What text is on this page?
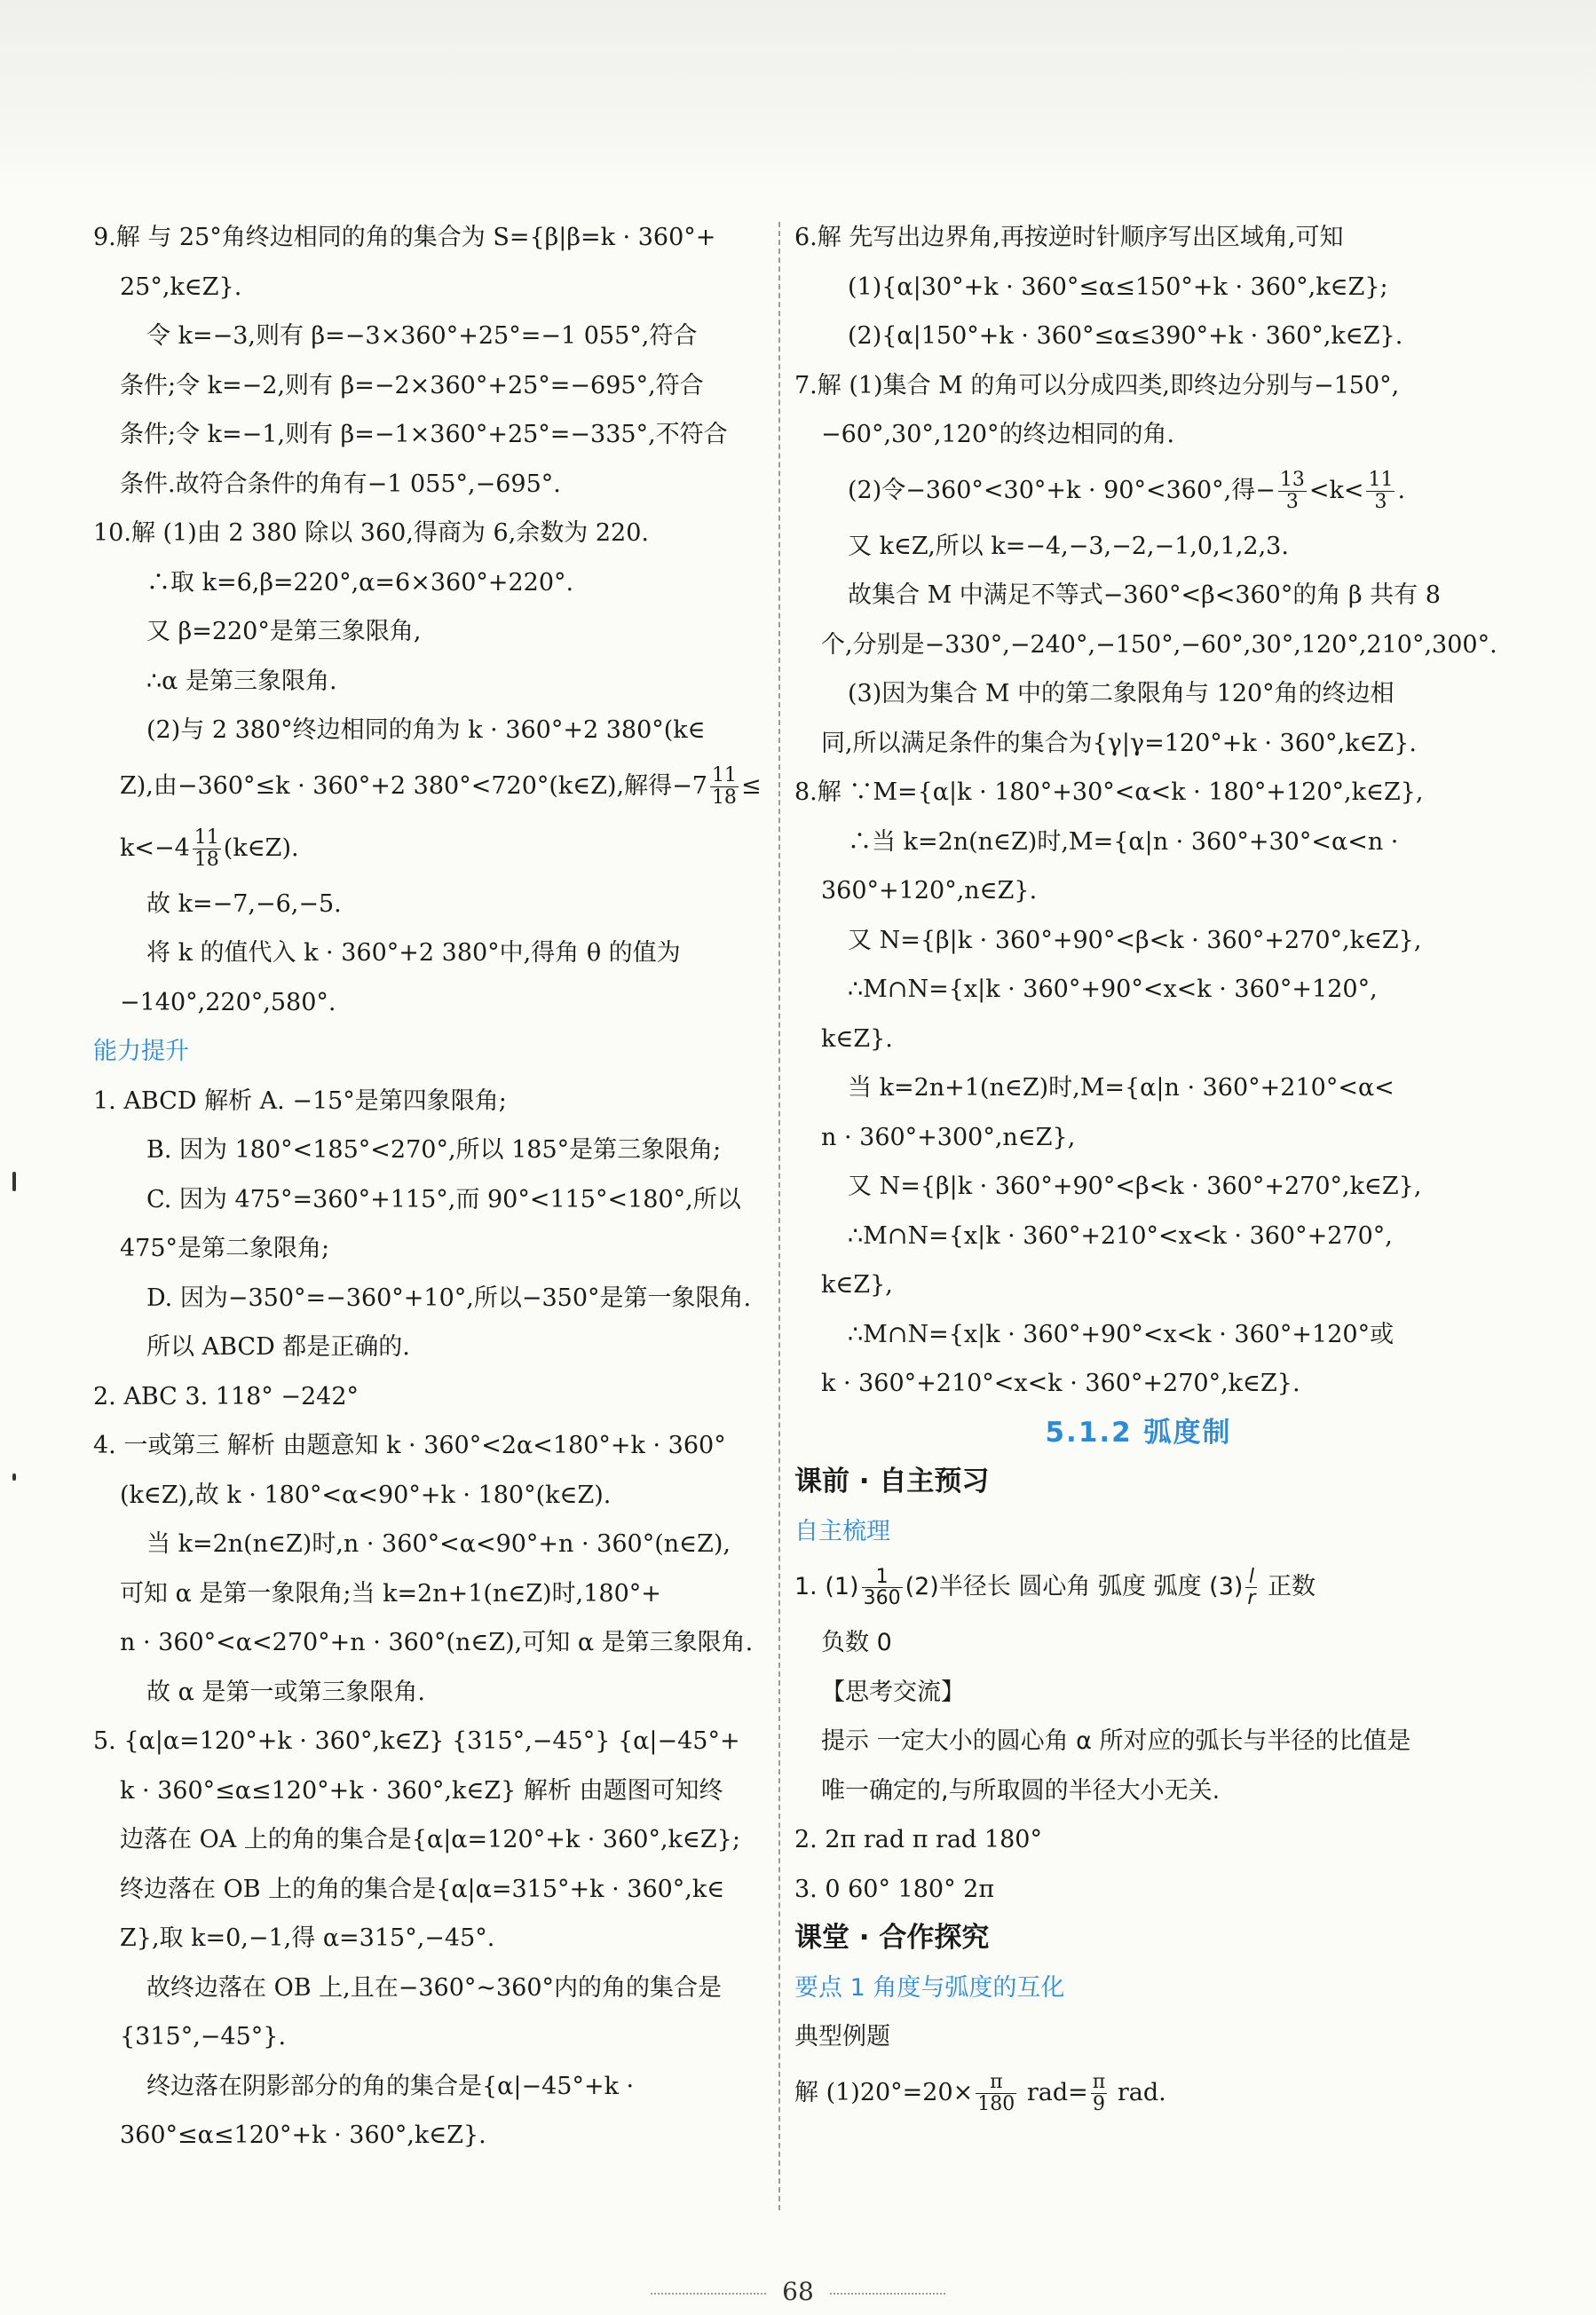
9.解 与 25°角终边相同的角的集合为 S={β|β=k · 360°+
25°,k∈Z}.
令 k=−3,则有 β=−3×360°+25°=−1 055°,符合
条件;令 k=−2,则有 β=−2×360°+25°=−695°,符合
条件;令 k=−1,则有 β=−1×360°+25°=−335°,不符合
条件.故符合条件的角有−1 055°,−695°.
10.解 (1)由 2 380 除以 360,得商为 6,余数为 220.
∴取 k=6,β=220°,α=6×360°+220°.
又 β=220°是第三象限角,
∴α 是第三象限角.
(2)与 2 380°终边相同的角为 k · 360°+2 380°(k∈
Z),由−360°≤k · 360°+2 380°<720°(k∈Z),解得$-7 \frac{11}{18}$ ≤
$k<-4 \frac{11}{18}$ (k∈Z).
故 k=−7,−6,−5.
将 k 的值代入 k · 360°+2 380°中,得角 θ 的值为
−140°,220°,580°.
能力提升
1. ABCD 解析 A. −15°是第四象限角;
B. 因为 180°<185°<270°,所以 185°是第三象限角;
C. 因为 475°=360°+115°,而 90°<115°<180°,所以
475°是第二象限角;
D. 因为−350°=−360°+10°,所以−350°是第一象限角.
所以 ABCD 都是正确的.
2. ABC 3. 118° −242°
4. 一或第三 解析 由题意知 k · 360°<2α<180°+k · 360°
(k∈Z),故 k · 180°<α<90°+k · 180°(k∈Z).
当 k=2n(n∈Z)时,n · 360°<α<90°+n · 360°(n∈Z),
可知 α 是第一象限角;当 k=2n+1(n∈Z)时,180°+
n · 360°<α<270°+n · 360°(n∈Z),可知 α 是第三象限角.
故 α 是第一或第三象限角.
5. {α|α=120°+k · 360°,k∈Z} {315°,−45°} {α|−45°+
k · 360°≤α≤120°+k · 360°,k∈Z} 解析 由题图可知终
边落在 OA 上的角的集合是{α|α=120°+k · 360°,k∈Z};
终边落在 OB 上的角的集合是{α|α=315°+k · 360°,k∈
Z},取 k=0,−1,得 α=315°,−45°.
故终边落在 OB 上,且在−360°~360°内的角的集合是
{315°,−45°}.
终边落在阴影部分的角的集合是{α|−45°+k ·
360°≤α≤120°+k · 360°,k∈Z}.
6.解 先写出边界角,再按逆时针顺序写出区域角,可知
(1){α|30°+k · 360°≤α≤150°+k · 360°,k∈Z};
(2){α|150°+k · 360°≤α≤390°+k · 360°,k∈Z}.
7.解 (1)集合 M 的角可以分成四类,即终边分别与−150°,
−60°,30°,120°的终边相同的角.
(2)令−360°<30°+k · 90°<360°,得− $\frac{13}{3} <k< \frac{11}{3}$ .
又 k∈Z,所以 k=−4,−3,−2,−1,0,1,2,3.
故集合 M 中满足不等式−360°<β<360°的角 β 共有 8
个,分别是−330°,−240°,−150°,−60°,30°,120°,210°,300°.
(3)因为集合 M 中的第二象限角与 120°角的终边相
同,所以满足条件的集合为{γ|γ=120°+k · 360°,k∈Z}.
8.解 ∵M={α|k · 180°+30°<α<k · 180°+120°,k∈Z},
∴当 k=2n(n∈Z)时,M={α|n · 360°+30°<α<n ·
360°+120°,n∈Z}.
又 N={β|k · 360°+90°<β<k · 360°+270°,k∈Z},
∴M∩N={x|k · 360°+90°<x<k · 360°+120°,
k∈Z}.
当 k=2n+1(n∈Z)时,M={α|n · 360°+210°<α<
n · 360°+300°,n∈Z},
又 N={β|k · 360°+90°<β<k · 360°+270°,k∈Z},
∴M∩N={x|k · 360°+210°<x<k · 360°+270°,
k∈Z},
∴M∩N={x|k · 360°+90°<x<k · 360°+120°或
k · 360°+210°<x<k · 360°+270°,k∈Z}.
5.1.2 弧度制
课前 · 自主预习
自主梳理
1. $(1) \frac{1}{360} (2)$半径长 圆心角 弧度 弧度 $(3) \frac{l}{r}$ 正数
负数 0
【思考交流】
提示 一定大小的圆心角 α 所对应的弧长与半径的比值是
唯一确定的,与所取圆的半径大小无关.
2. 2π rad π rad 180°
3. 0 60° 180° 2π
课堂 · 合作探究
要点 1 角度与弧度的互化
典型例题
解 $(1)20^\circ=20\times \frac{\pi}{180} rad= \frac{\pi}{9}$ rad.
68
